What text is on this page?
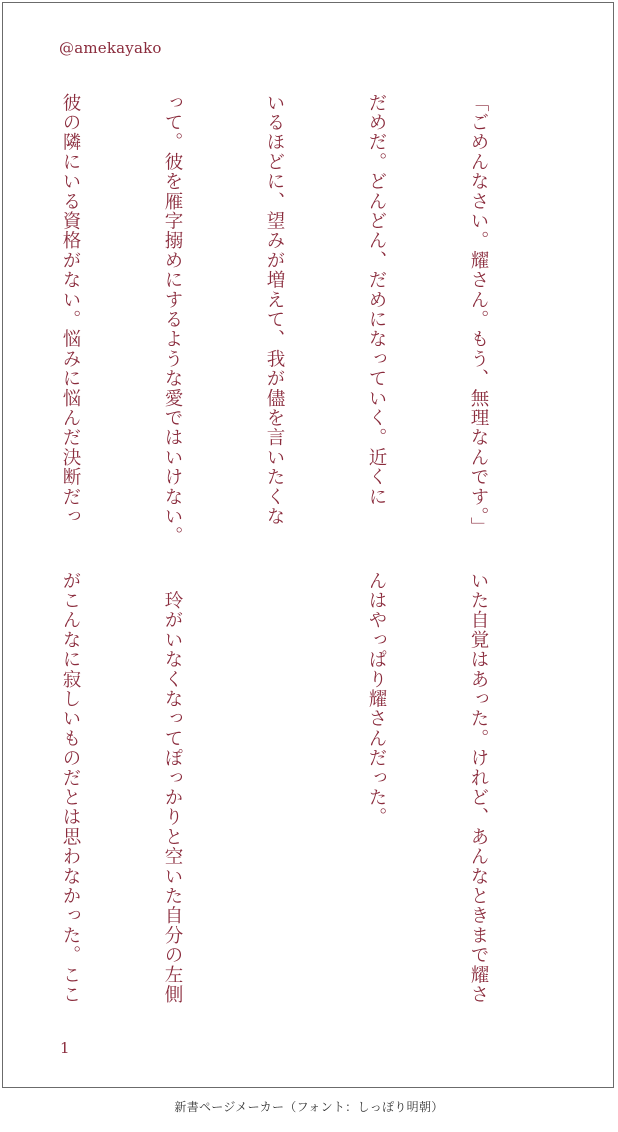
@amekayako

「ごめんなさい。耀さん。もう、無理なんです。」

だめだ。どんどん、だめになっていく。近くに

いるほどに、望みが増えて、我が儘を言いたくな

って。彼を雁字搦めにするような愛ではいけない。

彼の隣にいる資格がない。悩みに悩んだ決断だっ

いた自覚はあった。けれど、あんなときまで耀さ

んはやっぱり耀さんだった。

　玲がいなくなってぽっかりと空いた自分の左側

がこんなに寂しいものだとは思わなかった。ここ

1
新書ページメーカー（フォント：しっぽり明朝）
